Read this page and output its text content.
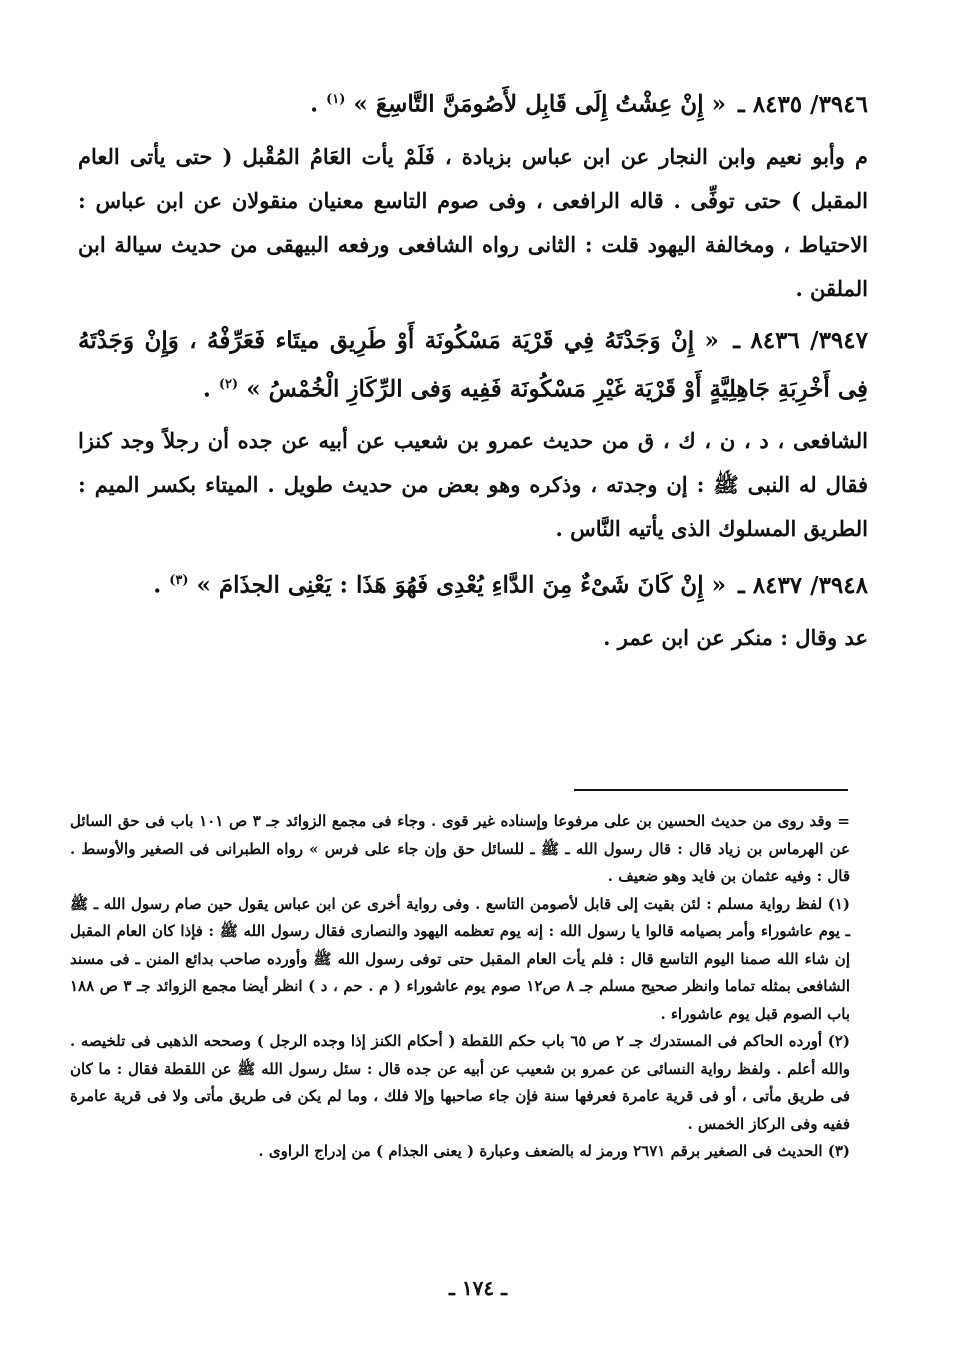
٣٩٤٦/ ٨٤٣٥ ـ « إِنْ عِشْتُ إِلَى قَابِل لأَصُومَنَّ التَّاسِعَ » $^{(١)}$ .

م وأبو نعيم وابن النجار عن ابن عباس بزيادة ، فَلَمْ يأت العَامُ المُقْبل ( حتى يأتى العام المقبل ) حتى توفِّى . قاله الرافعى ، وفى صوم التاسع معنيان منقولان عن ابن عباس : الاحتياط ، ومخالفة اليهود قلت : الثانى رواه الشافعى ورفعه البيهقى من حديث سيالة ابن الملقن .

٣٩٤٧/ ٨٤٣٦ ـ « إِنْ وَجَدْتَهُ فِي قَرْيَة مَسْكُونَة أَوْ طَرِيق ميتَاء فَعَرِّفْهُ ، وَإِنْ وَجَدْتَهُ فِى أَخْرِبَةِ جَاهِلِيَّةٍ أَوْ قَرْيَة غَيْرِ مَسْكُونَة فَفِيه وَفى الرِّكَازِ الْخُمْسُ » $^{(٢)}$ .

الشافعى ، د ، ن ، ك ، ق من حديث عمرو بن شعيب عن أبيه عن جده أن رجلاً وجد كنزا فقال له النبى ﷺ : إن وجدته ، وذكره وهو بعض من حديث طويل . الميتاء بكسر الميم : الطريق المسلوك الذى يأتيه النَّاس .

٣٩٤٨/ ٨٤٣٧ ـ « إِنْ كَانَ شَىْءٌ مِنَ الدَّاءِ يُعْدِى فَهُوَ هَذَا : يَعْنِى الجذَامَ » $^{(٣)}$ .

عد وقال : منكر عن ابن عمر .

= وقد روى من حديث الحسين بن على مرفوعا وإسناده غير قوى . وجاء فى مجمع الزوائد جـ ٣ ص ١٠١ باب فى حق السائل عن الهرماس بن زياد قال : قال رسول الله ـ ﷺ ـ للسائل حق وإن جاء على فرس » رواه الطبرانى فى الصغير والأوسط . قال : وفيه عثمان بن فايد وهو ضعيف .

(١) لفظ رواية مسلم : لئن بقيت إلى قابل لأصومن التاسع . وفى رواية أخرى عن ابن عباس يقول حين صام رسول الله ـ ﷺ ـ يوم عاشوراء وأمر بصيامه قالوا يا رسول الله : إنه يوم تعظمه اليهود والنصارى فقال رسول الله ﷺ : فإذا كان العام المقبل إن شاء الله صمنا اليوم التاسع قال : فلم يأت العام المقبل حتى توفى رسول الله ﷺ وأورده صاحب بدائع المنن ـ فى مسند الشافعى بمثله تماما وانظر صحيح مسلم جـ ٨ ص١٢ صوم يوم عاشوراء ( م . حم ، د ) انظر أيضا مجمع الزوائد جـ ٣ ص ١٨٨ باب الصوم قبل يوم عاشوراء .

(٢) أورده الحاكم فى المستدرك جـ ٢ ص ٦٥ باب حكم اللقطة ( أحكام الكنز إذا وجده الرجل ) وصححه الذهبى فى تلخيصه . والله أعلم . ولفظ رواية النسائى عن عمرو بن شعيب عن أبيه عن جده قال : سئل رسول الله ﷺ عن اللقطة فقال : ما كان فى طريق مأتى ، أو فى قرية عامرة فعرفها سنة فإن جاء صاحبها وإلا فلك ، وما لم يكن فى طريق مأتى ولا فى قرية عامرة ففيه وفى الركاز الخمس .

(٣) الحديث فى الصغير برقم ٢٦٧١ ورمز له بالضعف وعبارة ( يعنى الجذام ) من إدراج الراوى .

ـ ١٧٤ ـ
